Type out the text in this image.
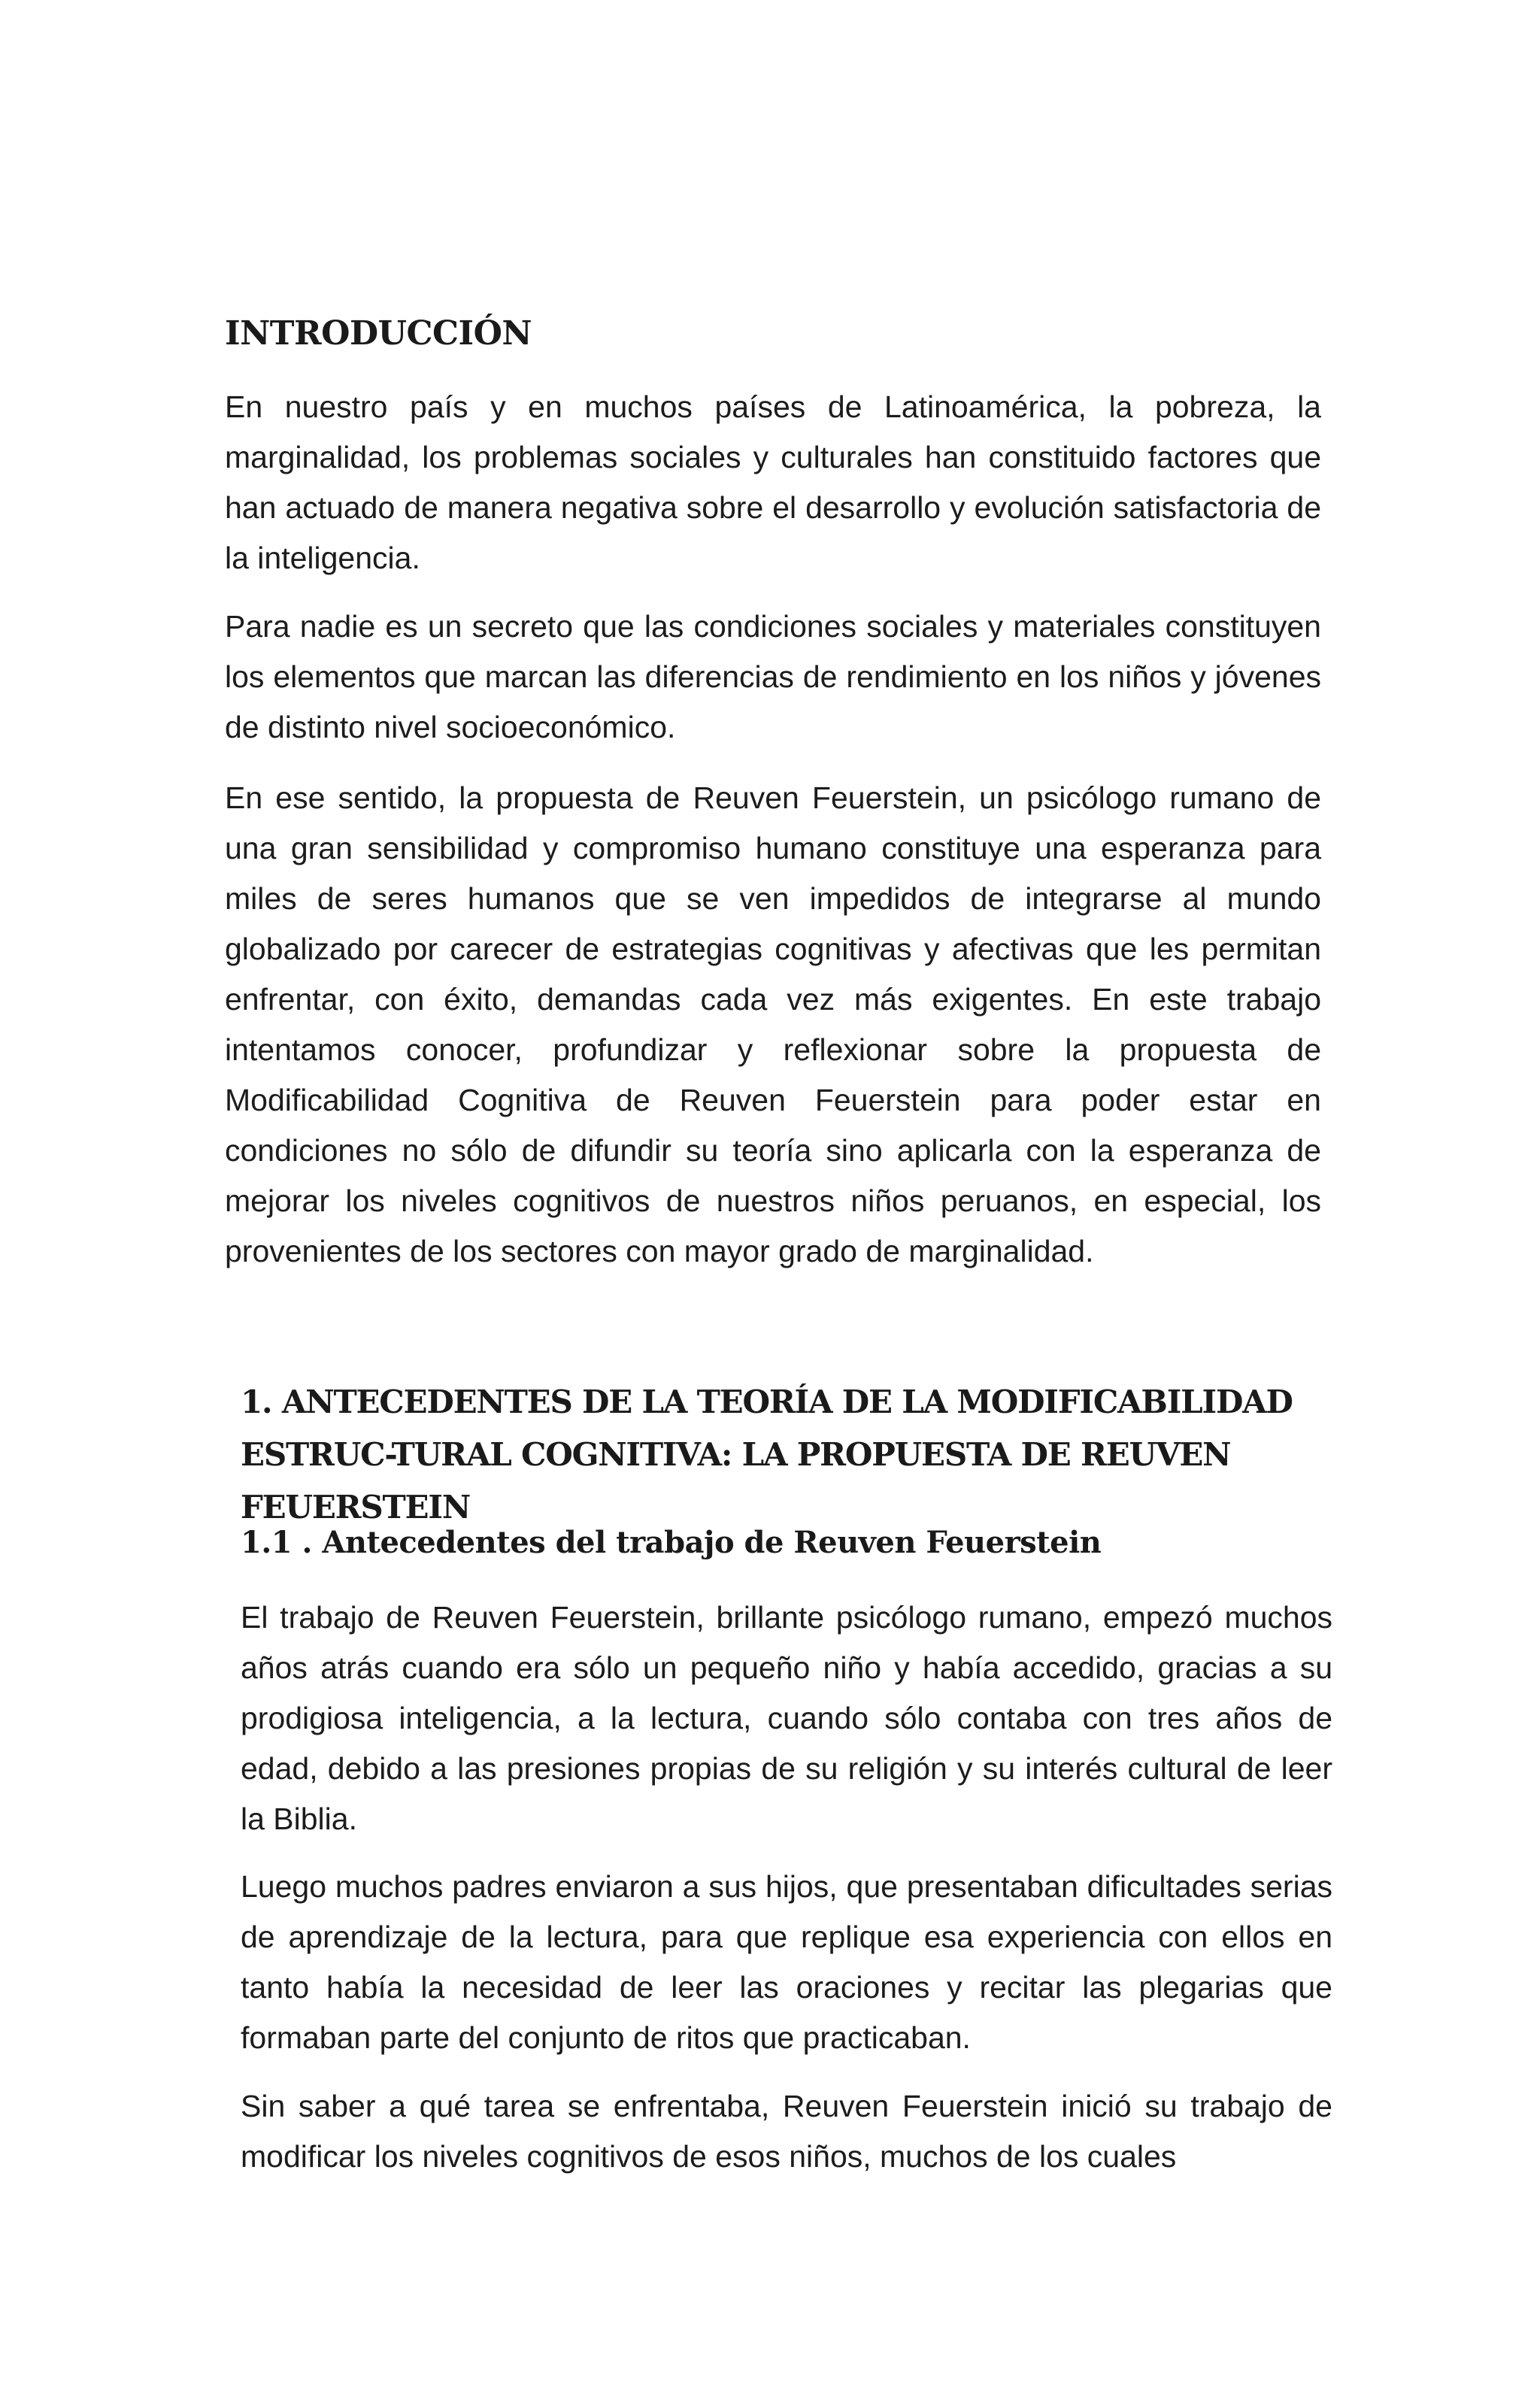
INTRODUCCIÓN

En nuestro país y en muchos países de Latinoamérica, la pobreza, la marginalidad, los problemas sociales y culturales han constituido factores que han actuado de manera negativa sobre el desarrollo y evolución satisfactoria de la inteligencia.

Para nadie es un secreto que las condiciones sociales y materiales constituyen los elementos que marcan las diferencias de rendimiento en los niños y jóvenes de distinto nivel socioeconómico.

En ese sentido, la propuesta de Reuven Feuerstein, un psicólogo rumano de una gran sensibilidad y compromiso humano constituye una esperanza para miles de seres humanos que se ven impedidos de integrarse al mundo globalizado por carecer de estrategias cognitivas y afectivas que les permitan enfrentar, con éxito, demandas cada vez más exigentes. En este trabajo intentamos conocer, profundizar y reflexionar sobre la propuesta de Modificabilidad Cognitiva de Reuven Feuerstein para poder estar en condiciones no sólo de difundir su teoría sino aplicarla con la esperanza de mejorar los niveles cognitivos de nuestros niños peruanos, en especial, los provenientes de los sectores con mayor grado de marginalidad.

1. ANTECEDENTES DE LA TEORÍA DE LA MODIFICABILIDAD ESTRUC-TURAL COGNITIVA: LA PROPUESTA DE REUVEN FEUERSTEIN
1.1 . Antecedentes del trabajo de Reuven Feuerstein

El trabajo de Reuven Feuerstein, brillante psicólogo rumano, empezó muchos años atrás cuando era sólo un pequeño niño y había accedido, gracias a su prodigiosa inteligencia, a la lectura, cuando sólo contaba con tres años de edad, debido a las presiones propias de su religión y su interés cultural de leer la Biblia.

Luego muchos padres enviaron a sus hijos, que presentaban dificultades serias de aprendizaje de la lectura, para que replique esa experiencia con ellos en tanto había la necesidad de leer las oraciones y recitar las plegarias que formaban parte del conjunto de ritos que practicaban.

Sin saber a qué tarea se enfrentaba, Reuven Feuerstein inició su trabajo de modificar los niveles cognitivos de esos niños, muchos de los cuales
